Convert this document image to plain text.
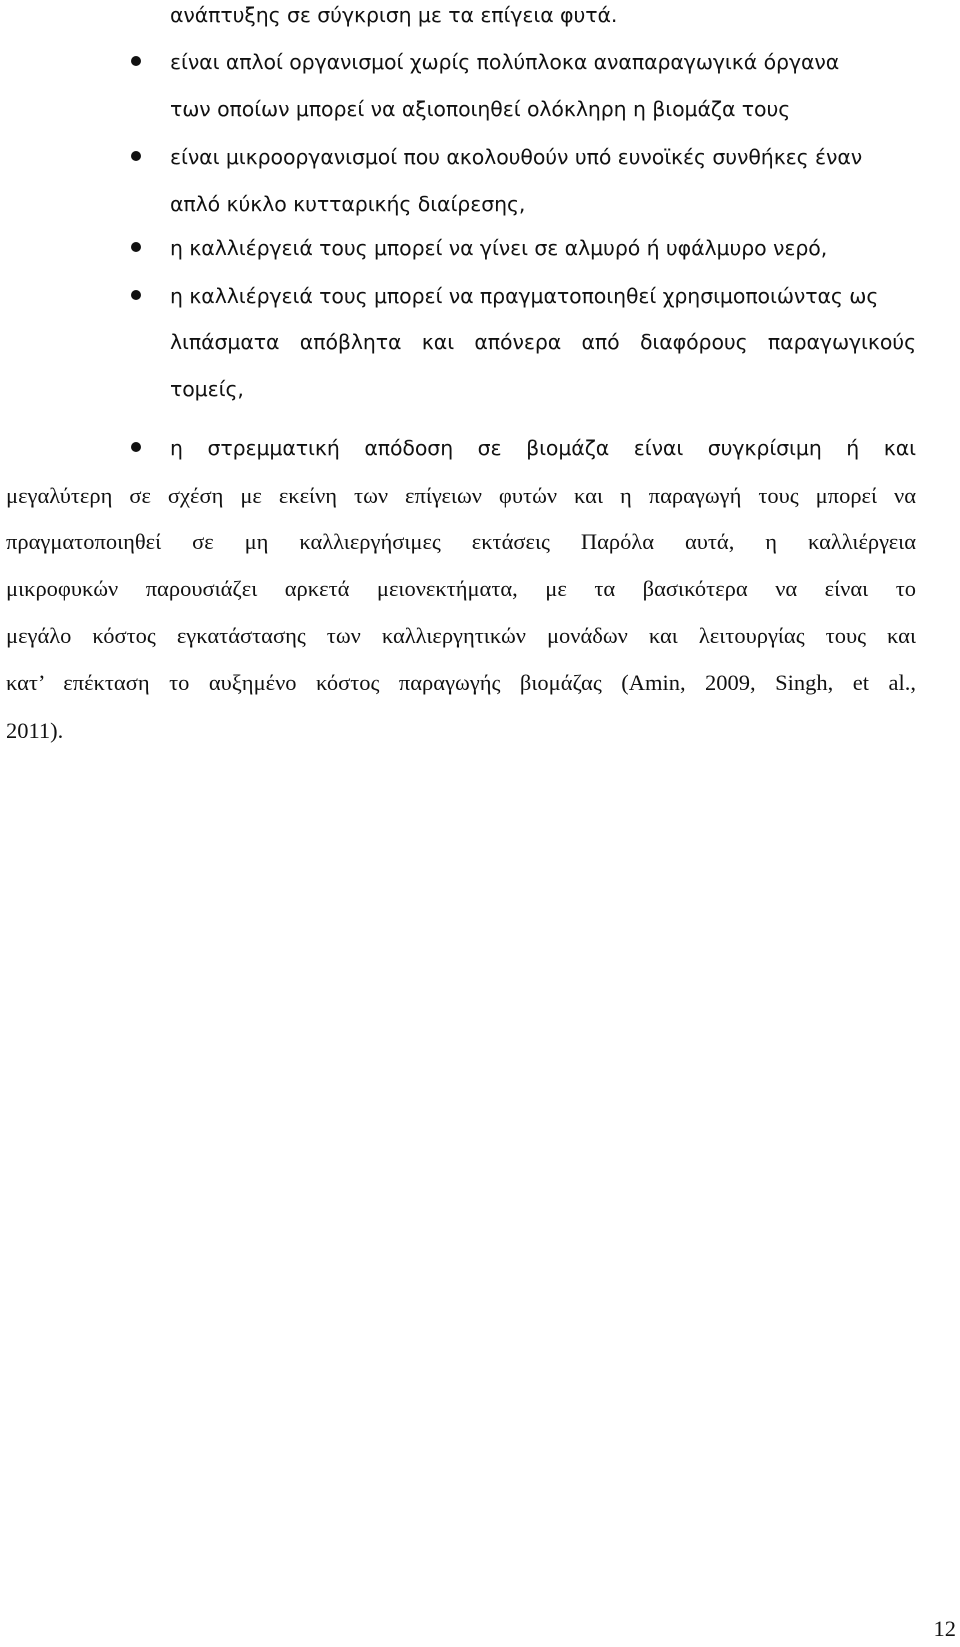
ανάπτυξης σε σύγκριση με τα επίγεια φυτά.
είναι απλοί οργανισμοί χωρίς πολύπλοκα αναπαραγωγικά όργανα
των οποίων μπορεί να αξιοποιηθεί ολόκληρη η βιομάζα τους
είναι μικροοργανισμοί που ακολουθούν υπό ευνοϊκές συνθήκες έναν
απλό κύκλο κυτταρικής διαίρεσης,
η καλλιέργειά τους μπορεί να γίνει σε αλμυρό ή υφάλμυρο νερό,
η καλλιέργειά τους μπορεί να πραγματοποιηθεί χρησιμοποιώντας ως
λιπάσματα απόβλητα και απόνερα από διαφόρους παραγωγικούς
τομείς,
η στρεμματική απόδοση σε βιομάζα είναι συγκρίσιμη ή και
μεγαλύτερη σε σχέση με εκείνη των επίγειων φυτών και η παραγωγή τους μπορεί να
πραγματοποιηθεί σε μη καλλιεργήσιμες εκτάσεις Παρόλα αυτά, η καλλιέργεια
μικροφυκών παρουσιάζει αρκετά μειονεκτήματα, με τα βασικότερα να είναι το
μεγάλο κόστος εγκατάστασης των καλλιεργητικών μονάδων και λειτουργίας τους και
κατ’ επέκταση το αυξημένο κόστος παραγωγής βιομάζας (Amin, 2009, Singh, et al.,
2011).
12
